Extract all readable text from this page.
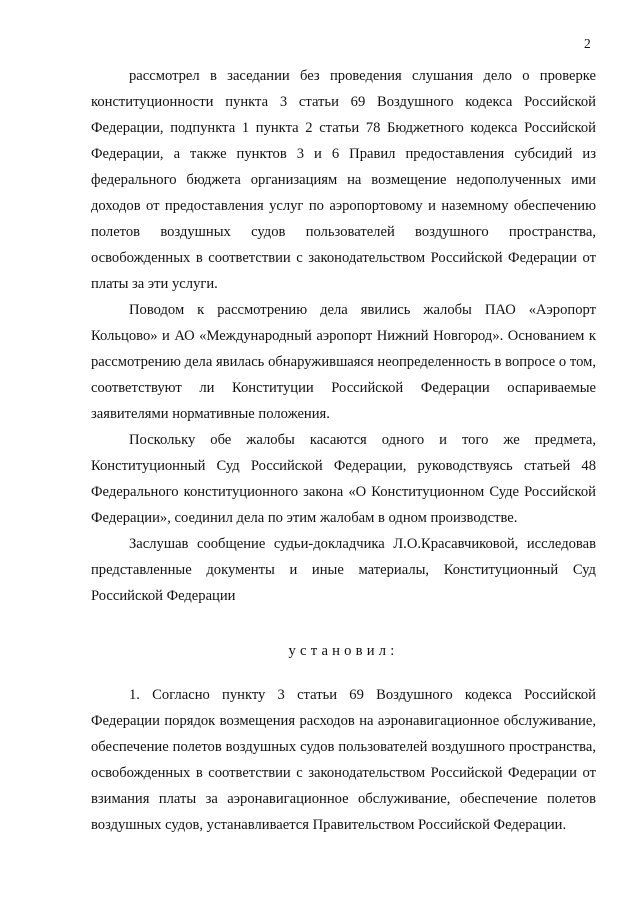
2

рассмотрел в заседании без проведения слушания дело о проверке конституционности пункта 3 статьи 69 Воздушного кодекса Российской Федерации, подпункта 1 пункта 2 статьи 78 Бюджетного кодекса Российской Федерации, а также пунктов 3 и 6 Правил предоставления субсидий из федерального бюджета организациям на возмещение недополученных ими доходов от предоставления услуг по аэропортовому и наземному обеспечению полетов воздушных судов пользователей воздушного пространства, освобожденных в соответствии с законодательством Российской Федерации от платы за эти услуги.

Поводом к рассмотрению дела явились жалобы ПАО «Аэропорт Кольцово» и АО «Международный аэропорт Нижний Новгород». Основанием к рассмотрению дела явилась обнаружившаяся неопределенность в вопросе о том, соответствуют ли Конституции Российской Федерации оспариваемые заявителями нормативные положения.

Поскольку обе жалобы касаются одного и того же предмета, Конституционный Суд Российской Федерации, руководствуясь статьей 48 Федерального конституционного закона «О Конституционном Суде Российской Федерации», соединил дела по этим жалобам в одном производстве.

Заслушав сообщение судьи-докладчика Л.О.Красавчиковой, исследовав представленные документы и иные материалы, Конституционный Суд Российской Федерации

установил:

1. Согласно пункту 3 статьи 69 Воздушного кодекса Российской Федерации порядок возмещения расходов на аэронавигационное обслуживание, обеспечение полетов воздушных судов пользователей воздушного пространства, освобожденных в соответствии с законодательством Российской Федерации от взимания платы за аэронавигационное обслуживание, обеспечение полетов воздушных судов, устанавливается Правительством Российской Федерации.
